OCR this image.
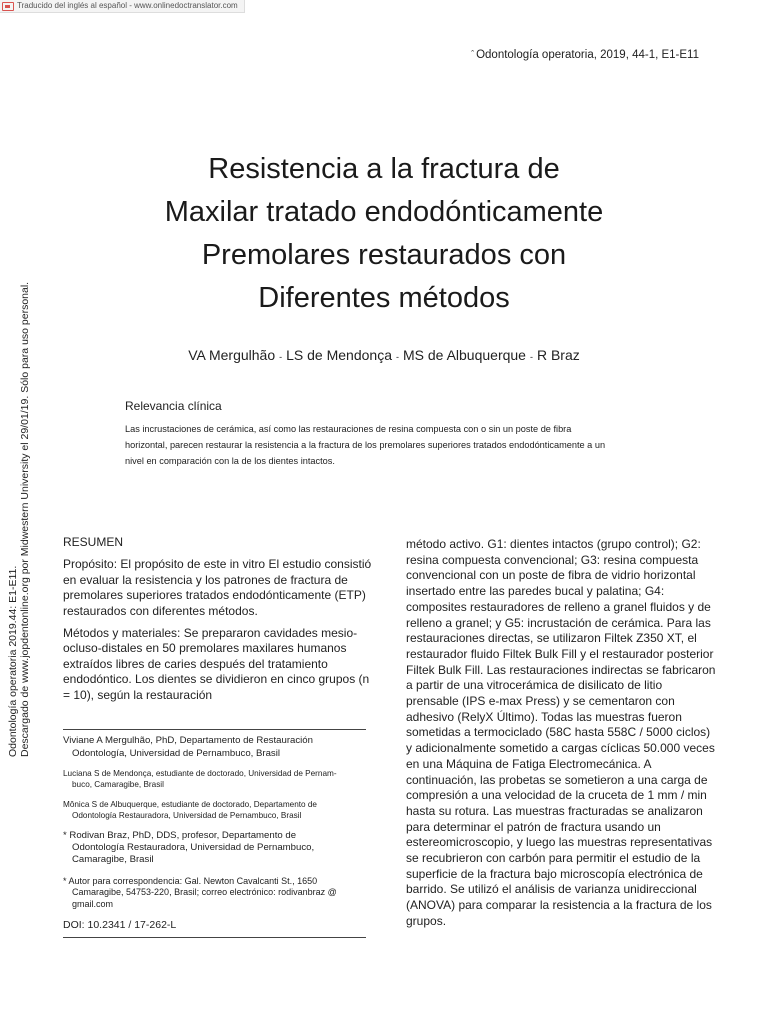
Traducido del inglés al español - www.onlinedoctranslator.com
$^ˆ$ Odontología operatoria, 2019, 44-1, E1-E11
Odontología operatoria 2019.44: E1-E11. Descargado de www.jopdentonline.org por Midwestern University el 29/01/19. Sólo para uso personal.
Resistencia a la fractura de
Maxilar tratado endodónticamente
Premolares restaurados con
Diferentes métodos
VA Mergulhão - LS de Mendonça - MS de Albuquerque - R Braz
Relevancia clínica
Las incrustaciones de cerámica, así como las restauraciones de resina compuesta con o sin un poste de fibra
horizontal, parecen restaurar la resistencia a la fractura de los premolares superiores tratados endodónticamente a un
nivel en comparación con la de los dientes intactos.
RESUMEN

Propósito: El propósito de este in vitro El estudio consistió en evaluar la resistencia y los patrones de fractura de premolares superiores tratados endodónticamente (ETP) restaurados con diferentes métodos.

Métodos y materiales: Se prepararon cavidades mesio-ocluso-distales en 50 premolares maxilares humanos extraídos libres de caries después del tratamiento endodóntico. Los dientes se dividieron en cinco grupos (n = 10), según la restauración

Viviane A Mergulhão, PhD, Departamento de Restauración
Odontología, Universidad de Pernambuco, Brasil
Luciana S de Mendonça, estudiante de doctorado, Universidad de Pernam-
buco, Camaragibe, Brasil
Mônica S de Albuquerque, estudiante de doctorado, Departamento de
Odontología Restauradora, Universidad de Pernambuco, Brasil
* Rodivan Braz, PhD, DDS, profesor, Departamento de
Odontología Restauradora, Universidad de Pernambuco,
Camaragibe, Brasil
* Autor para correspondencia: Gal. Newton Cavalcanti St., 1650
Camaragibe, 54753-220, Brasil; correo electrónico: rodivanbraz @
gmail.com
DOI: 10.2341 / 17-262-L
método activo. G1: dientes intactos (grupo control); G2: resina compuesta convencional; G3: resina compuesta convencional con un poste de fibra de vidrio horizontal insertado entre las paredes bucal y palatina; G4: composites restauradores de relleno a granel fluidos y de relleno a granel; y G5: incrustación de cerámica. Para las restauraciones directas, se utilizaron Filtek Z350 XT, el restaurador fluido Filtek Bulk Fill y el restaurador posterior Filtek Bulk Fill. Las restauraciones indirectas se fabricaron a partir de una vitrocerámica de disilicato de litio prensable (IPS e-max Press) y se cementaron con adhesivo (RelyX Último). Todas las muestras fueron sometidas a termociclado (58C hasta 558C / 5000 ciclos) y adicionalmente sometido a cargas cíclicas 50.000 veces en una Máquina de Fatiga Electromecánica. A continuación, las probetas se sometieron a una carga de compresión a una velocidad de la cruceta de 1 mm / min hasta su rotura. Las muestras fracturadas se analizaron para determinar el patrón de fractura usando un estereomicroscopio, y luego las muestras representativas se recubrieron con carbón para permitir el estudio de la superficie de la fractura bajo microscopía electrónica de barrido. Se utilizó el análisis de varianza unidireccional (ANOVA) para comparar la resistencia a la fractura de los grupos.
